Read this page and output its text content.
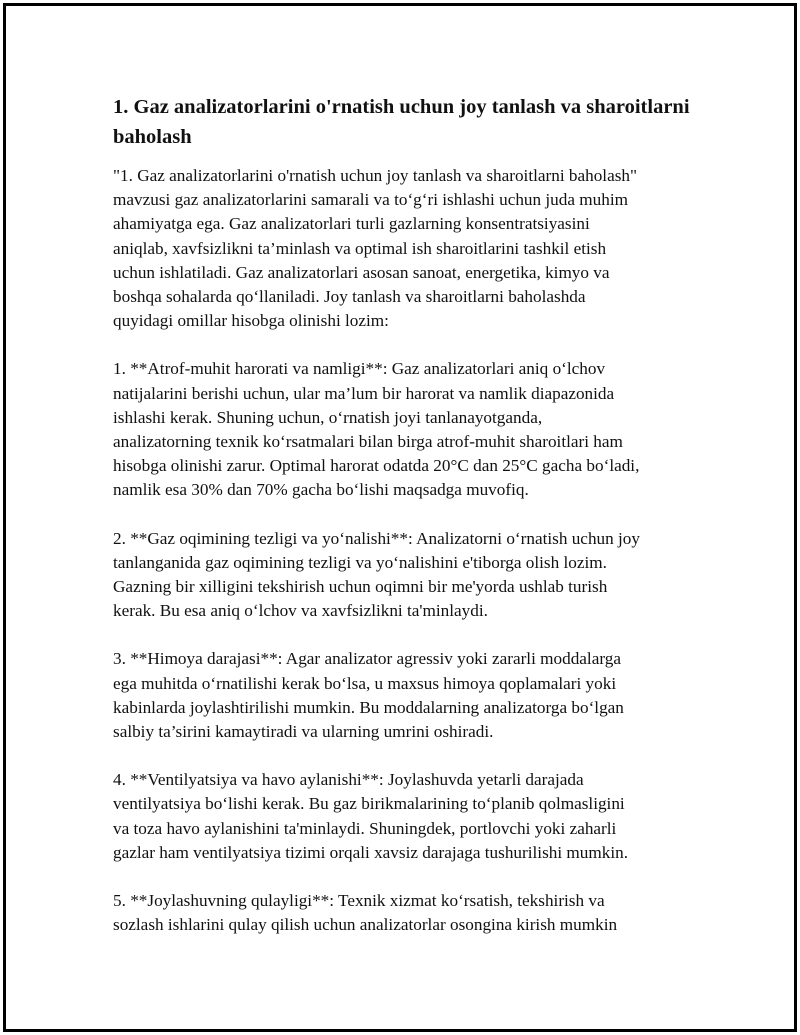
1. Gaz analizatorlarini o'rnatish uchun joy tanlash va sharoitlarni baholash

"1. Gaz analizatorlarini o'rnatish uchun joy tanlash va sharoitlarni baholash"
mavzusi gaz analizatorlarini samarali va to‘g‘ri ishlashi uchun juda muhim
ahamiyatga ega. Gaz analizatorlari turli gazlarning konsentratsiyasini
aniqlab, xavfsizlikni ta’minlash va optimal ish sharoitlarini tashkil etish
uchun ishlatiladi. Gaz analizatorlari asosan sanoat, energetika, kimyo va
boshqa sohalarda qo‘llaniladi. Joy tanlash va sharoitlarni baholashda
quyidagi omillar hisobga olinishi lozim:

1. **Atrof-muhit harorati va namligi**: Gaz analizatorlari aniq o‘lchov
natijalarini berishi uchun, ular ma’lum bir harorat va namlik diapazonida
ishlashi kerak. Shuning uchun, o‘rnatish joyi tanlanayotganda,
analizatorning texnik ko‘rsatmalari bilan birga atrof-muhit sharoitlari ham
hisobga olinishi zarur. Optimal harorat odatda 20°C dan 25°C gacha bo‘ladi,
namlik esa 30% dan 70% gacha bo‘lishi maqsadga muvofiq.

2. **Gaz oqimining tezligi va yo‘nalishi**: Analizatorni o‘rnatish uchun joy
tanlanganida gaz oqimining tezligi va yo‘nalishini e'tiborga olish lozim.
Gazning bir xilligini tekshirish uchun oqimni bir me'yorda ushlab turish
kerak. Bu esa aniq o‘lchov va xavfsizlikni ta'minlaydi.

3. **Himoya darajasi**: Agar analizator agressiv yoki zararli moddalarga
ega muhitda o‘rnatilishi kerak bo‘lsa, u maxsus himoya qoplamalari yoki
kabinlarda joylashtirilishi mumkin. Bu moddalarning analizatorga bo‘lgan
salbiy ta’sirini kamaytiradi va ularning umrini oshiradi.

4. **Ventilyatsiya va havo aylanishi**: Joylashuvda yetarli darajada
ventilyatsiya bo‘lishi kerak. Bu gaz birikmalarining to‘planib qolmasligini
va toza havo aylanishini ta'minlaydi. Shuningdek, portlovchi yoki zaharli
gazlar ham ventilyatsiya tizimi orqali xavsiz darajaga tushurilishi mumkin.

5. **Joylashuvning qulayligi**: Texnik xizmat ko‘rsatish, tekshirish va
sozlash ishlarini qulay qilish uchun analizatorlar osongina kirish mumkin
